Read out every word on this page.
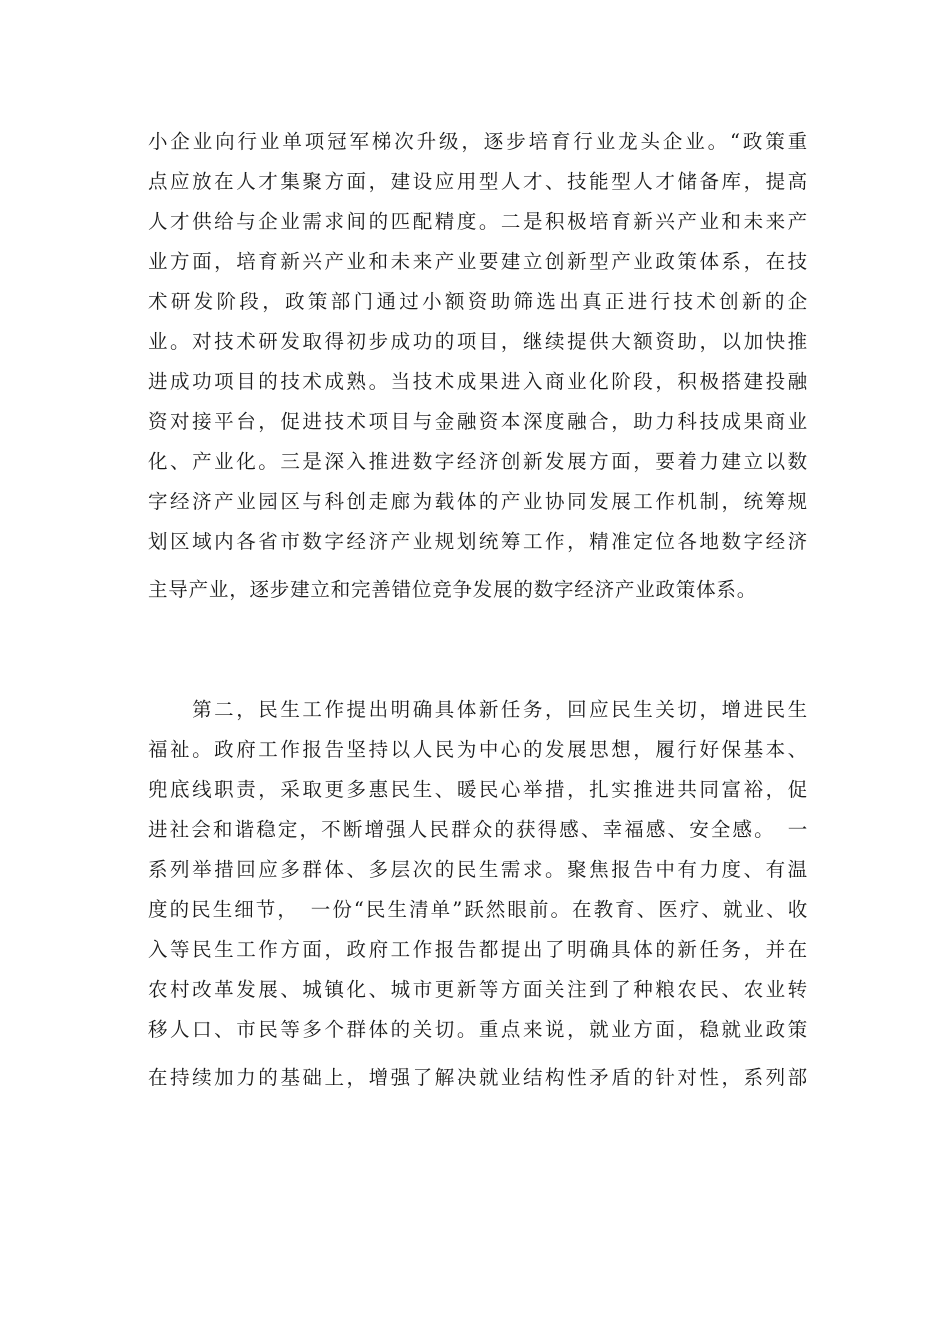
小企业向行业单项冠军梯次升级，逐步培育行业龙头企业。“政策重
点应放在人才集聚方面，建设应用型人才、技能型人才储备库，提高
人才供给与企业需求间的匹配精度。二是积极培育新兴产业和未来产
业方面，培育新兴产业和未来产业要建立创新型产业政策体系，在技
术研发阶段，政策部门通过小额资助筛选出真正进行技术创新的企
业。对技术研发取得初步成功的项目，继续提供大额资助，以加快推
进成功项目的技术成熟。当技术成果进入商业化阶段，积极搭建投融
资对接平台，促进技术项目与金融资本深度融合，助力科技成果商业
化、产业化。三是深入推进数字经济创新发展方面，要着力建立以数
字经济产业园区与科创走廊为载体的产业协同发展工作机制，统筹规
划区域内各省市数字经济产业规划统筹工作，精准定位各地数字经济
主导产业，逐步建立和完善错位竞争发展的数字经济产业政策体系。
　　第二，民生工作提出明确具体新任务，回应民生关切，增进民生
福祉。政府工作报告坚持以人民为中心的发展思想，履行好保基本、
兜底线职责，采取更多惠民生、暖民心举措，扎实推进共同富裕，促
进社会和谐稳定，不断增强人民群众的获得感、幸福感、安全感。　一
系列举措回应多群体、多层次的民生需求。聚焦报告中有力度、有温
度的民生细节，　一份“民生清单”跃然眼前。在教育、医疗、就业、收
入等民生工作方面，政府工作报告都提出了明确具体的新任务，并在
农村改革发展、城镇化、城市更新等方面关注到了种粮农民、农业转
移人口、市民等多个群体的关切。重点来说，就业方面，稳就业政策
在持续加力的基础上，增强了解决就业结构性矛盾的针对性，系列部
